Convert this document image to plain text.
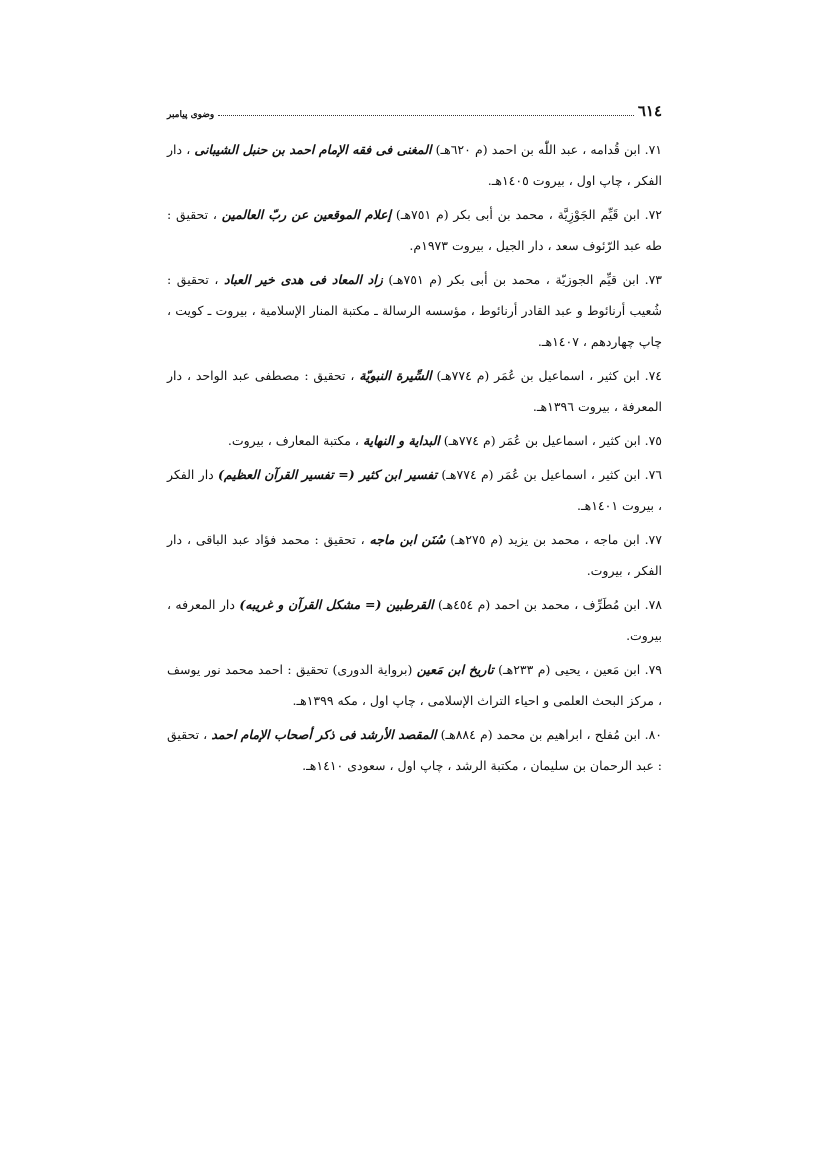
٦١٤
وضوى پيامبر

٧١. ابن قُدامه ، عبد اللّٰه بن احمد (م ٦٢٠هـ) المغنى فى فقه الإمام احمد بن حنبل الشيبانى ، دار الفكر ، چاپ اول ، بيروت ١٤٠٥هـ.

٧٢. ابن قَيِّم الجَوْزِيَّة ، محمد بن أبى بكر (م ٧٥١هـ) إعلام الموقعين عن ربّ العالمين ، تحقيق : طه عبد الرّئوف سعد ، دار الجيل ، بيروت ١٩٧٣م.

٧٣. ابن قيِّم الجوزيّة ، محمد بن أبى بكر (م ٧٥١هـ) زاد المعاد فى هدى خير العباد ، تحقيق : شُعيب أرنائوط و عبد القادر أرنائوط ، مؤسسه الرسالة ـ مكتبة المنار الإسلامية ، بيروت ـ كويت ، چاپ چهاردهم ، ١٤٠٧هـ.

٧٤. ابن كثير ، اسماعيل بن عُمَر (م ٧٧٤هـ) السِّيرة النبويّة ، تحقيق : مصطفى عبد الواحد ، دار المعرفة ، بيروت ١٣٩٦هـ.

٧٥. ابن كثير ، اسماعيل بن عُمَر (م ٧٧٤هـ) البداية و النهاية ، مكتبة المعارف ، بيروت.

٧٦. ابن كثير ، اسماعيل بن عُمَر (م ٧٧٤هـ) تفسير ابن كثير (= تفسير القرآن العظيم) دار الفكر ، بيروت ١٤٠١هـ.

٧٧. ابن ماجه ، محمد بن يزيد (م ٢٧٥هـ) سُنَن ابن ماجه ، تحقيق : محمد فؤاد عبد الباقى ، دار الفكر ، بيروت.

٧٨. ابن مُطَرِّف ، محمد بن احمد (م ٤٥٤هـ) القرطبين (= مشكل القرآن و غريبه) دار المعرفه ، بيروت.

٧٩. ابن مَعين ، يحيى (م ٢٣٣هـ) تاريخ ابن مَعين (برواية الدورى) تحقيق : احمد محمد نور يوسف ، مركز البحث العلمى و احياء التراث الإسلامى ، چاپ اول ، مكه ١٣٩٩هـ.

٨٠. ابن مُفلح ، ابراهيم بن محمد (م ٨٨٤هـ) المقصد الأرشد فى ذكر أصحاب الإمام احمد ، تحقيق : عبد الرحمان بن سليمان ، مكتبة الرشد ، چاپ اول ، سعودى ١٤١٠هـ.
